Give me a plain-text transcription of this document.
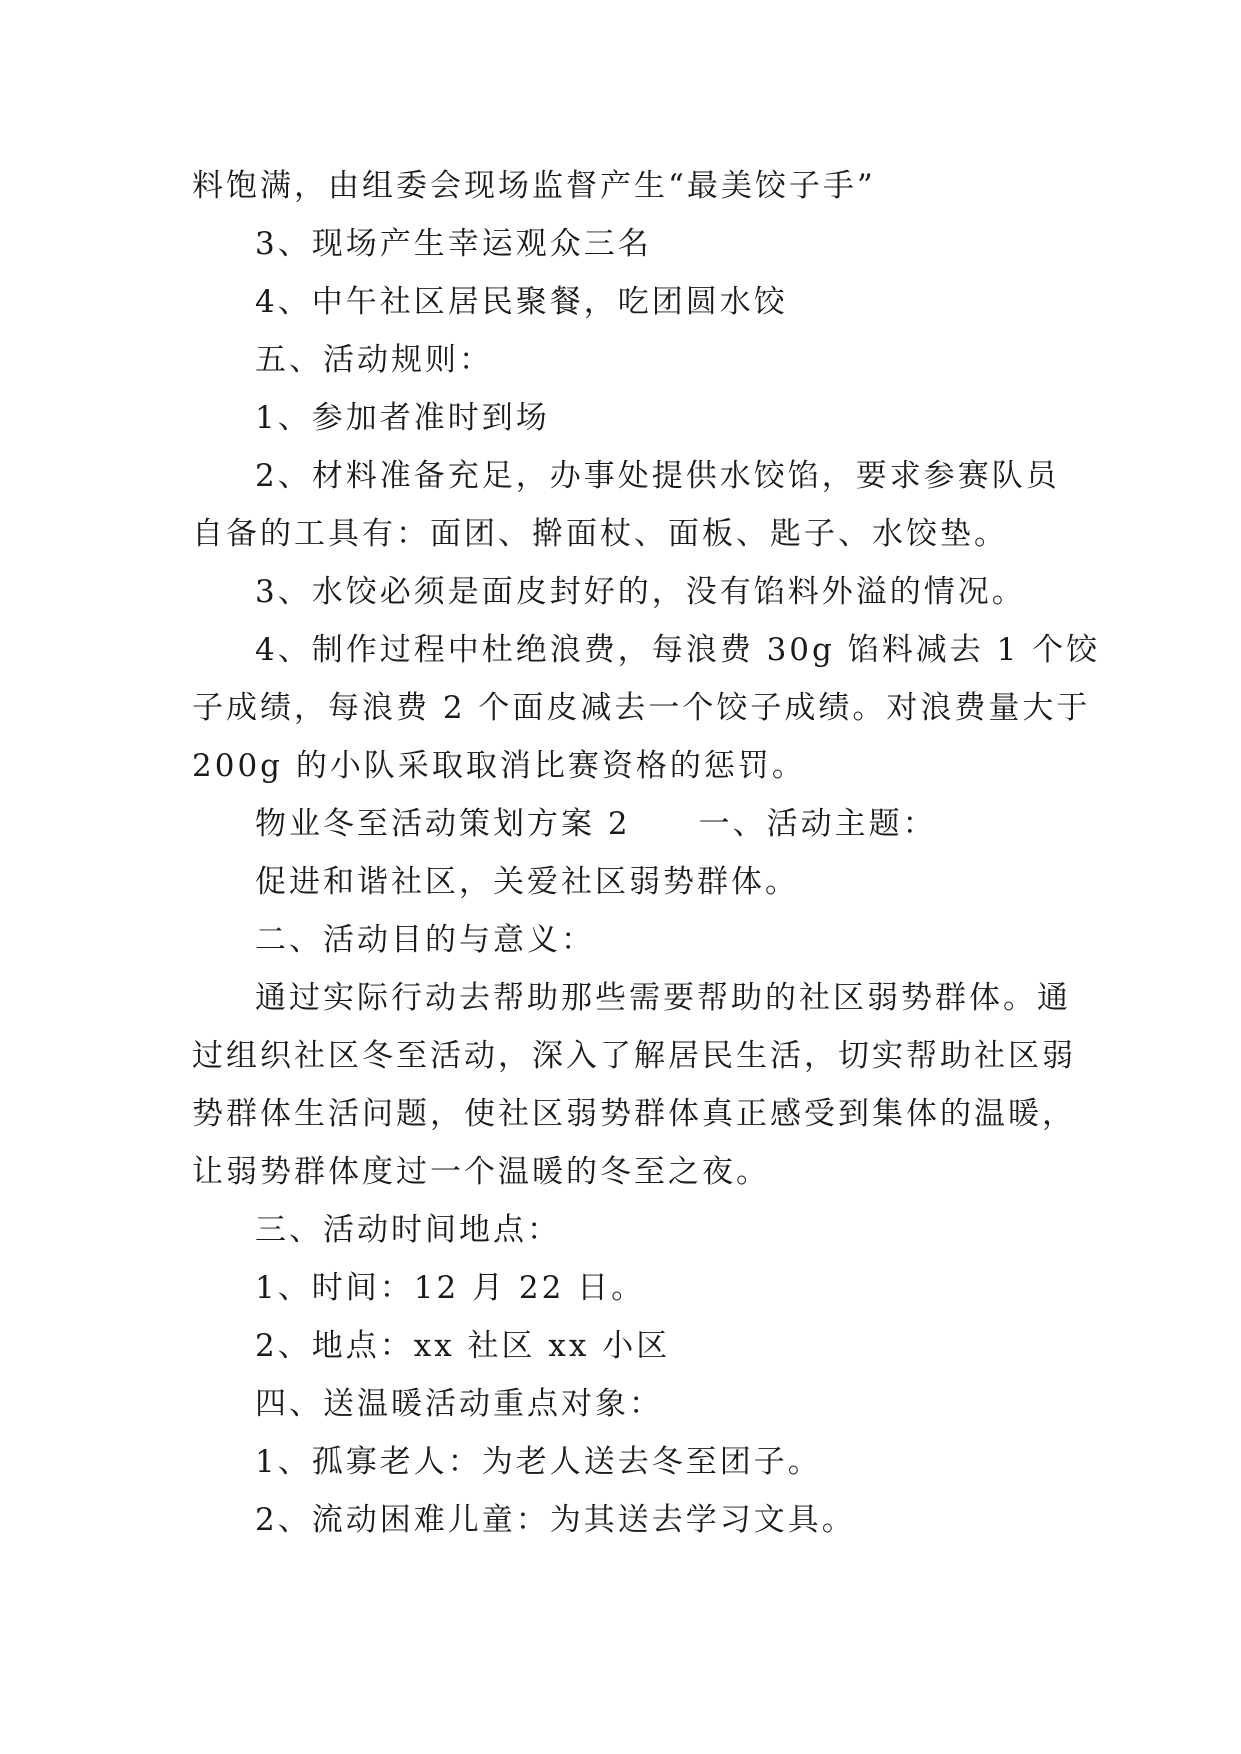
料饱满，由组委会现场监督产生“最美饺子手”
3、现场产生幸运观众三名
4、中午社区居民聚餐，吃团圆水饺
五、活动规则：
1、参加者准时到场
2、材料准备充足，办事处提供水饺馅，要求参赛队员
自备的工具有：面团、擀面杖、面板、匙子、水饺垫。
3、水饺必须是面皮封好的，没有馅料外溢的情况。
4、制作过程中杜绝浪费，每浪费 30g 馅料减去 1 个饺
子成绩，每浪费 2 个面皮减去一个饺子成绩。对浪费量大于
200g 的小队采取取消比赛资格的惩罚。
物业冬至活动策划方案 2　　一、活动主题：
促进和谐社区，关爱社区弱势群体。
二、活动目的与意义：
通过实际行动去帮助那些需要帮助的社区弱势群体。通
过组织社区冬至活动，深入了解居民生活，切实帮助社区弱
势群体生活问题，使社区弱势群体真正感受到集体的温暖，
让弱势群体度过一个温暖的冬至之夜。
三、活动时间地点：
1、时间：12 月 22 日。
2、地点：xx 社区 xx 小区
四、送温暖活动重点对象：
1、孤寡老人：为老人送去冬至团子。
2、流动困难儿童：为其送去学习文具。
